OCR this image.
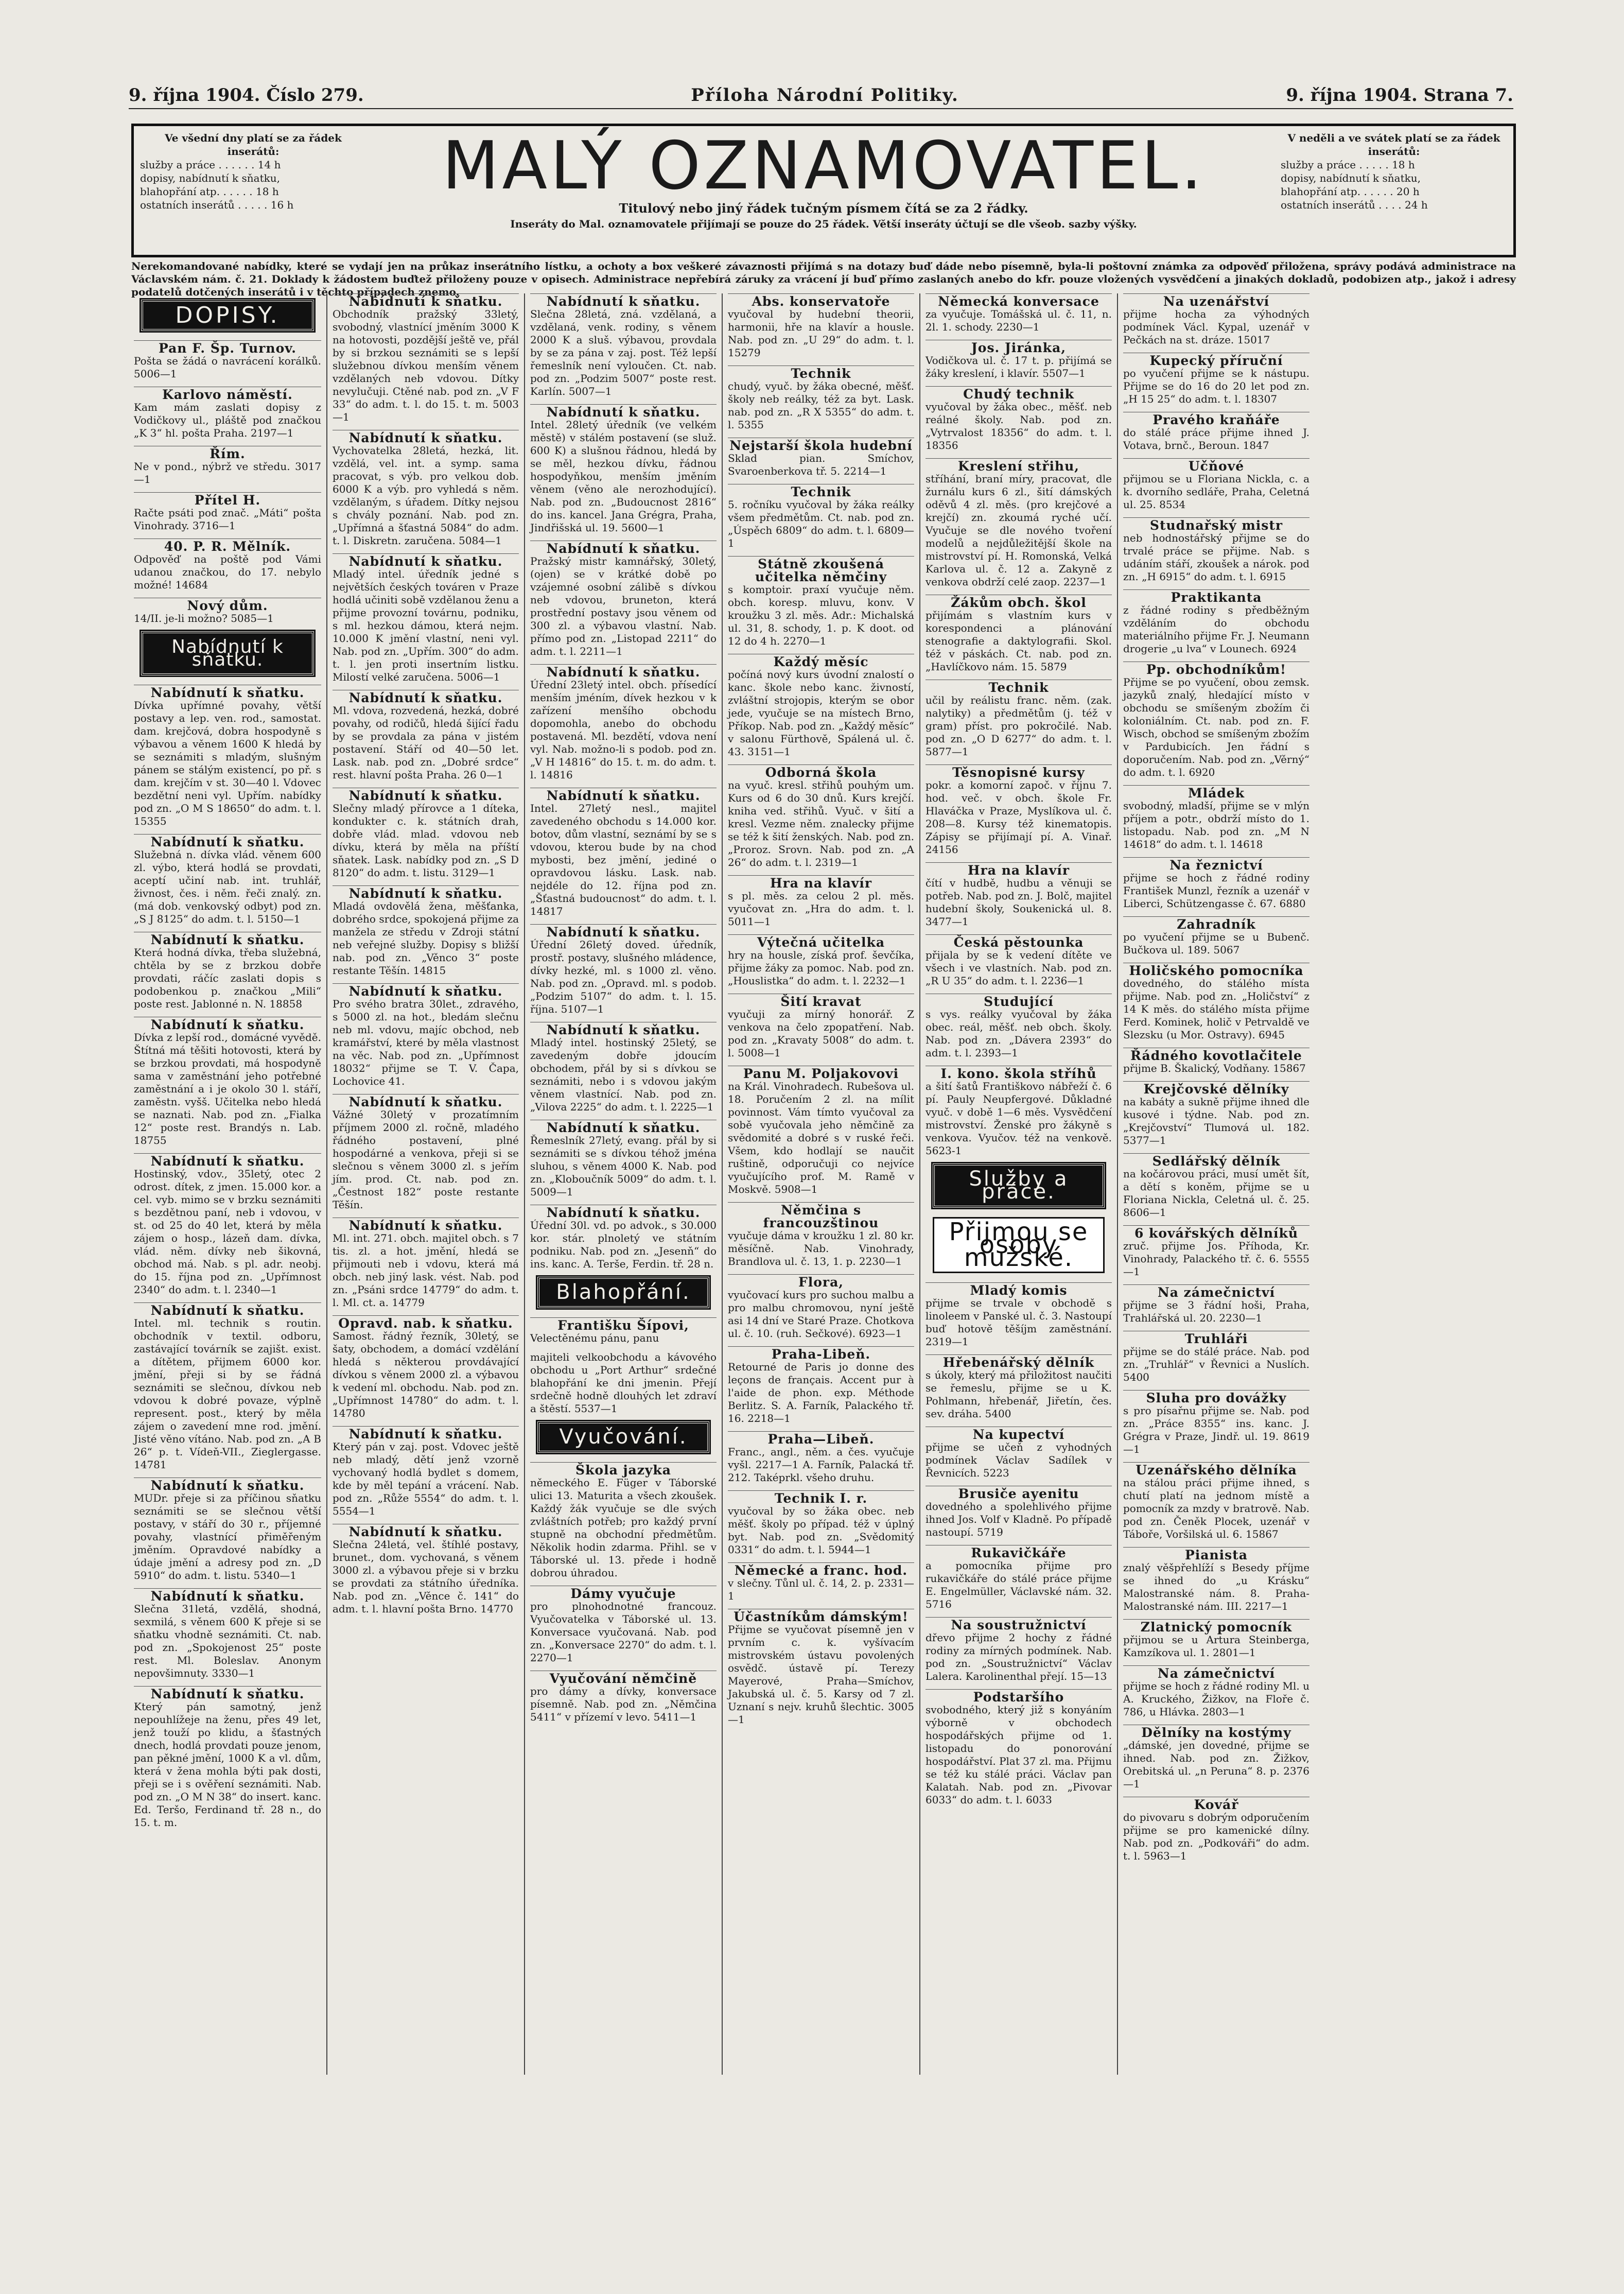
9. října 1904. Číslo 279.	Příloha Národní Politiky.	9. října 1904. Strana 7.
Ve všední dny platí se za řádek inserátů:
služby a práce . . . . . . 14 h
dopisy, nabídnutí k sňatku,
blahopřání atp. . . . . . 18 h
ostatních inserátů . . . . . 16 h
MALÝ OZNAMOVATEL.
Titulový nebo jiný řádek tučným písmem čítá se za 2 řádky.
Inseráty do Mal. oznamovatele přijímají se pouze do 25 řádek. Větší inseráty účtují se dle všeob. sazby výšky.
V neděli a ve svátek platí se za řádek inserátů:
služby a práce . . . . . 18 h
dopisy, nabídnutí k sňatku,
blahopřání atp. . . . . . 20 h
ostatních inserátů . . . . 24 h
Nerekomandované nabídky, které se vydají jen na průkaz inserátního lístku, a ochoty a box veškeré závaznosti přijímá s na dotazy buď dáde nebo písemně, byla-li poštovní známka za odpověď přiložena, správy podává administrace na Václavském nám. č. 21. Doklady k žádostem buďtež přiloženy pouze v opisech. Administrace nepřebírá záruky za vrácení jí buď přímo zaslaných anebo do kfr. pouze vložených vysvědčení a jinakých dokladů, podobizen atp., jakož i adresy podatelů dotčených inserátů i v těchto případech znemo.
DOPISY.
Pan F. Šp. Turnov.
Pošta se žádá o navrácení korálků. 5006—1
Karlovo náměstí.
Kam mám zaslati dopisy z Vodičkovy ul., pláště pod značkou „K 3“ hl. pošta Praha. 2197—1
Řím.
Ne v pond., nýbrž ve středu. 3017—1
Přítel H.
Račte psáti pod znač. „Máti“ pošta Vinohrady. 3716—1
40. P. R. Mělník.
Odpověď na poště pod Vámi udanou značkou, do 17. nebylo možné! 14684
Nový dům.
14/II. je-li možno? 5085—1
Nabídnutí k sňatku.
Nabídnutí k sňatku.
Dívka upřímné povahy, větší postavy a lep. ven. rod., samostat. dam. krejčová, dobra hospodyně s výbavou a věnem 1600 K hledá by se seznámiti s mladým, slušným pánem se stálým existencí, po př. s dam. krejčím v st. 30—40 l. Vdovec bezdětní neni vyl. Upřím. nabídky pod zn. „O M S 18650“ do adm. t. l. 15355
Nabídnutí k sňatku.
Služebná n. dívka vlád. věnem 600 zl. výbo, která hodlá se provdati, aceptí učiní nab. int. truhlář, živnost, čes. i něm. řeči znalý. zn. (má dob. venkovský odbyt) pod zn. „S J 8125“ do adm. t. l. 5150—1
Nabídnutí k sňatku.
Která hodná dívka, třeba služebná, chtěla by se z brzkou dobře provdati, ráčíc zaslati dopis s podobenkou p. značkou „Mili“ poste rest. Jablonné n. N. 18858
Nabídnutí k sňatku.
Dívka z lepší rod., domácné vyvědě. Štítná má těšiti hotovosti, která by se brzkou provdati, má hospodyně sama v zaměstnání jeho potřebné zaměstnání a i je okolo 30 l. stáří, zaměstn. vyšš. Učitelka nebo hledá se naznati. Nab. pod zn. „Fialka 12“ poste rest. Brandýs n. Lab. 18755
Nabídnutí k sňatku.
Hostinský, vdov., 35letý, otec 2 odrost. dítek, z jmen. 15.000 kor. a cel. vyb. mimo se v brzku seznámiti s bezdětnou paní, neb i vdovou, v st. od 25 do 40 let, která by měla zájem o hosp., lázeň dam. dívka, vlád. něm. dívky neb šikovná, obchod má. Nab. s pl. adr. neobj. do 15. října pod zn. „Upřímnost 2340“ do adm. t. l. 2340—1
Nabídnutí k sňatku.
Intel. ml. technik s routin. obchodník v textil. odboru, zastávající továrník se zajišt. exist. a dítětem, přijmem 6000 kor. jmění, přeji si by se řádná seznámiti se slečnou, dívkou neb vdovou k dobré povaze, výplně represent. post., který by měla zájem o zavedení mne rod. jmění. Jisté věno vítáno. Nab. pod zn. „A B 26“ p. t. Vídeň-VII., Zieglergasse. 14781
Nabídnutí k sňatku.
MUDr. přeje si za příčinou sňatku seznámiti se se slečnou větší postavy, v stáří do 30 r., příjemné povahy, vlastnící přiměřeným jměním. Opravdové nabídky a údaje jmění a adresy pod zn. „D 5910“ do adm. t. listu. 5340—1
Nabídnutí k sňatku.
Slečna 31letá, vzdělá, shodná, sexmilá, s věnem 600 K přeje si se sňatku vhodně seznámiti. Ct. nab. pod zn. „Spokojenost 25“ poste rest. Ml. Boleslav. Anonym nepovšimnuty. 3330—1
Nabídnutí k sňatku.
Který pán samotný, jenž nepouhlížeje na ženu, přes 49 let, jenž touží po klidu, a šťastných dnech, hodlá provdati pouze jenom, pan pěkné jmění, 1000 K a vl. dům, která v žena mohla býti pak dosti, přeji se i s ověření seznámiti. Nab. pod zn. „O M N 38“ do insert. kanc. Ed. Teršo, Ferdinand tř. 28 n., do 15. t. m.
Nabídnutí k sňatku.
Obchodník pražský 33letý, svobodný, vlastnící jměním 3000 K na hotovosti, pozdější ještě ve, přál by si brzkou seznámiti se s lepší služebnou dívkou menším věnem vzdělaných neb vdovou. Dítky nevylučuji. Ctěné nab. pod zn. „V F 33“ do adm. t. l. do 15. t. m. 5003—1
Nabídnutí k sňatku.
Vychovatelka 28letá, hezká, lit. vzdělá, vel. int. a symp. sama pracovat, s výb. pro velkou dob. 6000 K a výb. pro vyhledá s něm. vzdělaným, s úřadem. Dítky nejsou s chvály poznání. Nab. pod zn. „Upřímná a šťastná 5084“ do adm. t. l. Diskretn. zaručena. 5084—1
Nabídnutí k sňatku.
Mladý intel. úředník jedné s největších českých továren v Praze hodlá učiniti sobě vzdělanou ženu a přijme provozní továrnu, podniku, s ml. hezkou dámou, která nejm. 10.000 K jmění vlastní, neni vyl. Nab. pod zn. „Upřím. 300“ do adm. t. l. jen proti insertním listku. Milostí velké zaručena. 5006—1
Nabídnutí k sňatku.
Ml. vdova, rozvedená, hezká, dobré povahy, od rodičů, hledá šijící řadu by se provdala za pána v jistém postavení. Stáří od 40—50 let. Lask. nab. pod zn. „Dobré srdce“ rest. hlavní pošta Praha. 26 0—1
Nabídnutí k sňatku.
Slečny mladý přírovce a 1 díteka, kondukter c. k. státních drah, dobře vlád. mlad. vdovou neb dívku, která by měla na příští sňatek. Lask. nabídky pod zn. „S D 8120“ do adm. t. listu. 3129—1
Nabídnutí k sňatku.
Mladá ovdovělá žena, měšťanka, dobrého srdce, spokojená přijme za manžela ze středu v Zdroji státní neb veřejné služby. Dopisy s bližší nab. pod zn. „Věnco 3“ poste restante Těšín. 14815
Nabídnutí k sňatku.
Pro svého bratra 30let., zdravého, s 5000 zl. na hot., bledám slečnu neb ml. vdovu, majíc obchod, neb kramářství, které by měla vlastnost na věc. Nab. pod zn. „Upřímnost 18032“ přijme se T. V. Čapa, Lochovice 41.
Nabídnutí k sňatku.
Vážné 30letý v prozatímním příjmem 2000 zl. ročně, mladého řádného postavení, plné hospodárné a venkova, přeji si se slečnou s věnem 3000 zl. s jeřím jím. prod. Ct. nab. pod zn. „Čestnost 182“ poste restante Těšín.
Nabídnutí k sňatku.
Ml. int. 271. obch. majitel obch. s 7 tis. zl. a hot. jmění, hledá se přijmouti neb i vdovu, která má obch. neb jiný lask. vést. Nab. pod zn. „Psáni srdce 14779“ do adm. t. l. Ml. ct. a. 14779
Opravd. nab. k sňatku.
Samost. řádný řezník, 30letý, se šaty, obchodem, a domácí vzdělání hledá s některou provdávající dívkou s věnem 2000 zl. a výbavou k vedení ml. obchodu. Nab. pod zn. „Upřímnost 14780“ do adm. t. l. 14780
Nabídnutí k sňatku.
Který pán v zaj. post. Vdovec ještě neb mladý, dětí jenž vzorně vychovaný hodlá bydlet s domem, kde by měl tepání a vrácení. Nab. pod zn. „Růže 5554“ do adm. t. l. 5554—1
Nabídnutí k sňatku.
Slečna 24letá, vel. štíhlé postavy, brunet., dom. vychovaná, s věnem 3000 zl. a výbavou přeje si v brzku se provdati za státního úředníka. Nab. pod zn. „Věnce č. 141“ do adm. t. l. hlavní pošta Brno. 14770
Nabídnutí k sňatku.
Slečna 28letá, zná. vzdělaná, a vzdělaná, venk. rodiny, s věnem 2000 K a sluš. výbavou, provdala by se za pána v zaj. post. Též lepší řemeslník není vyloučen. Ct. nab. pod zn. „Podzim 5007“ poste rest. Karlín. 5007—1
Nabídnutí k sňatku.
Intel. 28letý úředník (ve velkém městě) v stálém postavení (se služ. 600 K) a slušnou řádnou, hledá by se měl, hezkou dívku, řádnou hospodyňkou, menším jměním věnem (věno ale nerozhodující). Nab. pod zn. „Budoucnost 2816“ do ins. kancel. Jana Grégra, Praha, Jindřišská ul. 19. 5600—1
Nabídnutí k sňatku.
Pražský mistr kamnářský, 30letý, (ojen) se v krátké době po vzájemné osobní zálibě s dívkou neb vdovou, bruneton, která prostřední postavy jsou věnem od 300 zl. a výbavou vlastní. Nab. přímo pod zn. „Listopad 2211“ do adm. t. l. 2211—1
Nabídnutí k sňatku.
Úřední 23letý intel. obch. přísedící menším jméním, dívek hezkou v k zařízení menšího obchodu dopomohla, anebo do obchodu postavená. Ml. bezdětí, vdova není vyl. Nab. možno-li s podob. pod zn. „V H 14816“ do 15. t. m. do adm. t. l. 14816
Nabídnutí k sňatku.
Intel. 27letý nesl., majitel zavedeného obchodu s 14.000 kor. botov, dům vlastní, seznámí by se s vdovou, kterou bude by na chod mybosti, bez jmění, jediné o opravdovou lásku. Lask. nab. nejdéle do 12. října pod zn. „Šťastná budoucnost“ do adm. t. l. 14817
Nabídnutí k sňatku.
Úřední 26letý doved. úředník, prostř. postavy, slušného mládence, dívky hezké, ml. s 1000 zl. věno. Nab. pod zn. „Opravd. ml. s podob. „Podzim 5107“ do adm. t. l. 15. října. 5107—1
Nabídnutí k sňatku.
Mladý intel. hostinský 25letý, se zavedeným dobře jdoucím obchodem, přál by si s dívkou se seznámiti, nebo i s vdovou jakým věnem vlastnící. Nab. pod zn. „Vilova 2225“ do adm. t. l. 2225—1
Nabídnutí k sňatku.
Řemeslník 27letý, evang. přál by si seznámiti se s dívkou téhož jména sluhou, s věnem 4000 K. Nab. pod zn. „Kloboučník 5009“ do adm. t. l. 5009—1
Nabídnutí k sňatku.
Úřední 30l. vd. po advok., s 30.000 kor. stár. plnoletý ve státním podniku. Nab. pod zn. „Jesenň“ do ins. kanc. A. Terše, Ferdin. tř. 28 n.
Blahopřání.
Františku Šípovi,
Velectěnému pánu, panu
majiteli velkoobchodu a kávového obchodu u „Port Arthur“ srdečné blahopřání ke dni jmenin. Přejí srdečně hodně dlouhých let zdraví a štěstí. 5537—1
Vyučování.
Škola jazyka
německého E. Füger v Táborské ulici 13. Maturita a všech zkoušek. Každý žák vyučuje se dle svých zvláštních potřeb; pro každý první stupně na obchodní předmětům. Několik hodin zdarma. Přihl. se v Táborské ul. 13. přede i hodně dobrou úhradou.
Dámy vyučuje
pro plnohodnotné francouz. Vyučovatelka v Táborské ul. 13. Konversace vyučovaná. Nab. pod zn. „Konversace 2270“ do adm. t. l. 2270—1
Vyučování němčině
pro dámy a dívky, konversace písemně. Nab. pod zn. „Němčina 5411“ v přízemí v levo. 5411—1
Abs. konservatoře
vyučoval by hudební theorii, harmonii, hře na klavír a housle. Nab. pod zn. „U 29“ do adm. t. l. 15279
Technik
chudý, vyuč. by žáka obecné, měšť. školy neb reálky, též za byt. Lask. nab. pod zn. „R X 5355“ do adm. t. l. 5355
Nejstarší škola hudební
Sklad pian. Smíchov, Svaroenberkova tř. 5. 2214—1
Technik
5. ročníku vyučoval by žáka reálky všem předmětům. Ct. nab. pod zn. „Úspěch 6809“ do adm. t. l. 6809—1
Státně zkoušená učitelka němčiny
s komptoir. praxí vyučuje něm. obch. koresp. mluvu, konv. V kroužku 3 zl. měs. Adr.: Michalská ul. 31, 8. schody, 1. p. K doot. od 12 do 4 h. 2270—1
Každý měsíc
počíná nový kurs úvodní znalostí o kanc. škole nebo kanc. živností, zvláštní strojopis, kterým se obor jede, vyučuje se na místech Brno, Příkop. Nab. pod zn. „Každý měsíc“ v salonu Fürthově, Spálená ul. č. 43. 3151—1
Odborná škola
na vyuč. kresl. střihů pouhým um. Kurs od 6 do 30 dnů. Kurs krejčí. kniha ved. střihů. Vyuč. v šití a kresl. Vezme něm. znalecky přijme se též k šití ženských. Nab. pod zn. „Proroz. Srovn. Nab. pod zn. „A 26“ do adm. t. l. 2319—1
Hra na klavír
s pl. měs. za celou 2 pl. měs. vyučovat zn. „Hra do adm. t. l. 5011—1
Výtečná učitelka
hry na housle, získá prof. ševčíka, přijme žáky za pomoc. Nab. pod zn. „Houslistka“ do adm. t. l. 2232—1
Šití kravat
vyučuji za mírný honorář. Z venkova na čelo zpopatření. Nab. pod zn. „Kravaty 5008“ do adm. t. l. 5008—1
Panu M. Poljakovovi
na Král. Vinohradech. Rubešova ul. 18. Poručením 2 zl. na mílit povinnost. Vám tímto vyučoval za sobě vyučovala jeho němčině za svědomité a dobré s v ruské řeči. Všem, kdo hodlají se naučit ruštině, odporučuji co nejvíce vyučujícího prof. M. Ramě v Moskvě. 5908—1
Němčina s francouzštinou
vyučuje dáma v kroužku 1 zl. 80 kr. měsíčně. Nab. Vinohrady, Brandlova ul. č. 13, 1. p. 2230—1
Flora,
vyučovací kurs pro suchou malbu a pro malbu chromovou, nyní ještě asi 14 dní ve Staré Praze. Chotkova ul. č. 10. (ruh. Sečkové). 6923—1
Praha-Libeň.
Retourné de Paris jo donne des leçons de français. Accent pur à l'aide de phon. exp. Méthode Berlitz. S. A. Farník, Palackého tř. 16. 2218—1
Praha—Libeň.
Franc., angl., něm. a čes. vyučuje vyšl. 2217—1 A. Farník, Palacká tř. 212. Taképrkl. všeho druhu.
Technik I. r.
vyučoval by so žáka obec. neb měšť. školy po případ. též v úplný byt. Nab. pod zn. „Svědomitý 0331“ do adm. t. l. 5944—1
Německé a franc. hod.
v slečny. Tůnl ul. č. 14, 2. p. 2331—1
Účastníkům dámským!
Přijme se vyučovat písemně jen v prvním c. k. vyšívacím mistrovském ústavu povolených osvědč. ústavě pí. Terezy Mayerové, Praha—Smíchov, Jakubská ul. č. 5. Karsy od 7 zl. Uznaní s nejv. kruhů šlechtic. 3005—1
Německá konversace
za vyučuje. Tomášská ul. č. 11, n. 2l. 1. schody. 2230—1
Jos. Jiránka,
Vodičkova ul. č. 17 t. p. přijímá se žáky kreslení, i klavír. 5507—1
Chudý technik
vyučoval by žáka obec., měšť. neb reálné školy. Nab. pod zn. „Vytrvalost 18356“ do adm. t. l. 18356
Kreslení střihu,
stříhání, braní míry, pracovat, dle žurnálu kurs 6 zl., šití dámských oděvů 4 zl. měs. (pro krejčové a krejčí) zn. zkoumá ryché učí. Vyučuje se dle nového tvoření modelů a nejdůležitější škole na mistrovství pí. H. Romonská, Velká Karlova ul. č. 12 a. Zakyně z venkova obdrží celé zaop. 2237—1
Žákům obch. škol
přijímám s vlastním kurs v korespondenci a plánování stenografie a daktylografii. Skol. též v páskách. Ct. nab. pod zn. „Havlíčkovo nám. 15. 5879
Technik
učil by reálistu franc. něm. (zak. nalytiky) a předmětům (j. též v gram) příst. pro pokročilé. Nab. pod zn. „O D 6277“ do adm. t. l. 5877—1
Těsnopisné kursy
pokr. a komorní započ. v říjnu 7. hod. več. v obch. škole Fr. Hlaváčka v Praze, Myslíkova ul. č. 208—8. Kursy též kinematopis. Zápisy se přijímají pí. A. Vinař. 24156
Hra na klavír
čítí v hudbě, hudbu a věnuji se potřeb. Nab. pod zn. J. Bolč, majitel hudební školy, Soukenická ul. 8. 3477—1
Česká pěstounka
přijala by se k vedení dítěte ve všech i ve vlastních. Nab. pod zn. „R U 35“ do adm. t. l. 2236—1
Studující
s vys. reálky vyučoval by žáka obec. reál, měšť. neb obch. školy. Nab. pod zn. „Dávera 2393“ do adm. t. l. 2393—1
I. kono. škola stříhů
a šití šatů Františkovo nábřeží č. 6 pí. Pauly Neupfergové. Důkladné vyuč. v době 1—6 měs. Vysvědčení mistrovství. Ženské pro žákyně s venkova. Vyučov. též na venkově. 5623-1
Služby a práce.
Přijmou se osoby mužské.
Mladý komis
přijme se trvale v obchodě s linoleem v Panské ul. č. 3. Nastoupí buď hotově těšíjm zaměstnání. 2319—1
Hřebenářský dělník
s úkoly, který má přiložitost naučiti se řemeslu, přijme se u K. Pohlmann, hřebenář, Jiřetín, čes. sev. dráha. 5400
Na kupectví
přijme se učeň z vyhodných podmínek Václav Sadílek v Řevnicích. 5223
Brusiče ayenitu
dovedného a spolehlivého přijme ihned Jos. Volf v Kladně. Po případě nastoupí. 5719
Rukavičkáře
a pomocníka přijme pro rukavičkáře do stálé práce přijme E. Engelmüller, Václavské nám. 32. 5716
Na soustružnictví
dřevo přijme 2 hochy z řádné rodiny za mírných podmínek. Nab. pod zn. „Soustružnictví“ Václav Lalera. Karolinenthal přejí. 15—13
Podstaršího
svobodného, který již s konyáním výborně v obchodech hospodářských přijme od 1. listopadu do ponorování hospodářství. Plat 37 zl. ma. Přijmu se též ku stálé práci. Václav pan Kalatah. Nab. pod zn. „Pivovar 6033“ do adm. t. l. 6033
Na uzenářství
přijme hocha za výhodných podmínek Václ. Kypal, uzenář v Pečkách na st. dráze. 15017
Kupecký příruční
po vyučení přijme se k nástupu. Přijme se do 16 do 20 let pod zn. „H 15 25“ do adm. t. l. 18307
Pravého kraňáře
do stálé práce přijme ihned J. Votava, brnč., Beroun. 1847
Učňové
přijmou se u Floriana Nickla, c. a k. dvorního sedláře, Praha, Celetná ul. 25. 8534
Studnařský mistr
neb hodnostářský přijme se do trvalé práce se přijme. Nab. s udáním stáří, zkoušek a nárok. pod zn. „H 6915“ do adm. t. l. 6915
Praktikanta
z řádné rodiny s předběžným vzděláním do obchodu materiálního přijme Fr. J. Neumann drogerie „u lva“ v Lounech. 6924
Pp. obchodníkům!
Přijme se po vyučení, obou zemsk. jazyků znalý, hledající místo v obchodu se smíšeným zbožím či koloniálním. Ct. nab. pod zn. F. Wisch, obchod se smíšeným zbožím v Pardubicích. Jen řádní s doporučením. Nab. pod zn. „Věrný“ do adm. t. l. 6920
Mládek
svobodný, mladší, přijme se v mlýn příjem a potr., obdrží místo do 1. listopadu. Nab. pod zn. „M N 14618“ do adm. t. l. 14618
Na řeznictví
přijme se hoch z řádné rodiny František Munzl, řezník a uzenář v Liberci, Schützengasse č. 67. 6880
Zahradník
po vyučení přijme se u Bubenč. Bučkova ul. 189. 5067
Holičského pomocníka
dovedného, do stálého místa přijme. Nab. pod zn. „Holičství“ z 14 K měs. do stálého místa přijme Ferd. Kominek, holič v Petrvaldě ve Slezsku (u Mor. Ostravy). 6945
Řádného kovotlačitele
přijme B. Škalický, Vodňany. 15867
Krejčovské dělníky
na kabáty a sukně přijme ihned dle kusové i týdne. Nab. pod zn. „Krejčovství“ Tlumová ul. 182. 5377—1
Sedlářský dělník
na kočárovou práci, musí umět šít, a dětí s koněm, přijme se u Floriana Nickla, Celetná ul. č. 25. 8606—1
6 kovářských dělníků
zruč. přijme Jos. Příhoda, Kr. Vinohrady, Palackého tř. č. 6. 5555—1
Na zámečnictví
přijme se 3 řádní hoši, Praha, Trahlářská ul. 20. 2230—1
Truhláři
přijme se do stálé práce. Nab. pod zn. „Truhlář“ v Řevnici a Nuslích. 5400
Sluha pro dovážky
s pro písařnu přijme se. Nab. pod zn. „Práce 8355“ ins. kanc. J. Grégra v Praze, Jindř. ul. 19. 8619—1
Uzenářského dělníka
na stálou práci přijme ihned, s chutí platí na jednom místě a pomocník za mzdy v bratrově. Nab. pod zn. Čeněk Plocek, uzenář v Táboře, Voršilská ul. 6. 15867
Pianista
znalý věšpřehlíží s Besedy příjme se ihned do „u Krásku“ Malostranské nám. 8. Praha-Malostranské nám. III. 2217—1
Zlatnický pomocník
přijmou se u Artura Steinberga, Kamzíkova ul. 1. 2801—1
Na zámečnictví
přijme se hoch z řádné rodiny Ml. u A. Kruckého, Žižkov, na Floře č. 786, u Hlávka. 2803—1
Dělníky na kostýmy
„dámské, jen dovedné, přijme se ihned. Nab. pod zn. Žižkov, Orebitská ul. „n Peruna“ 8. p. 2376—1
Kovář
do pivovaru s dobrým odporučením přijme se pro kamenické dílny. Nab. pod zn. „Podkováři“ do adm. t. l. 5963—1
